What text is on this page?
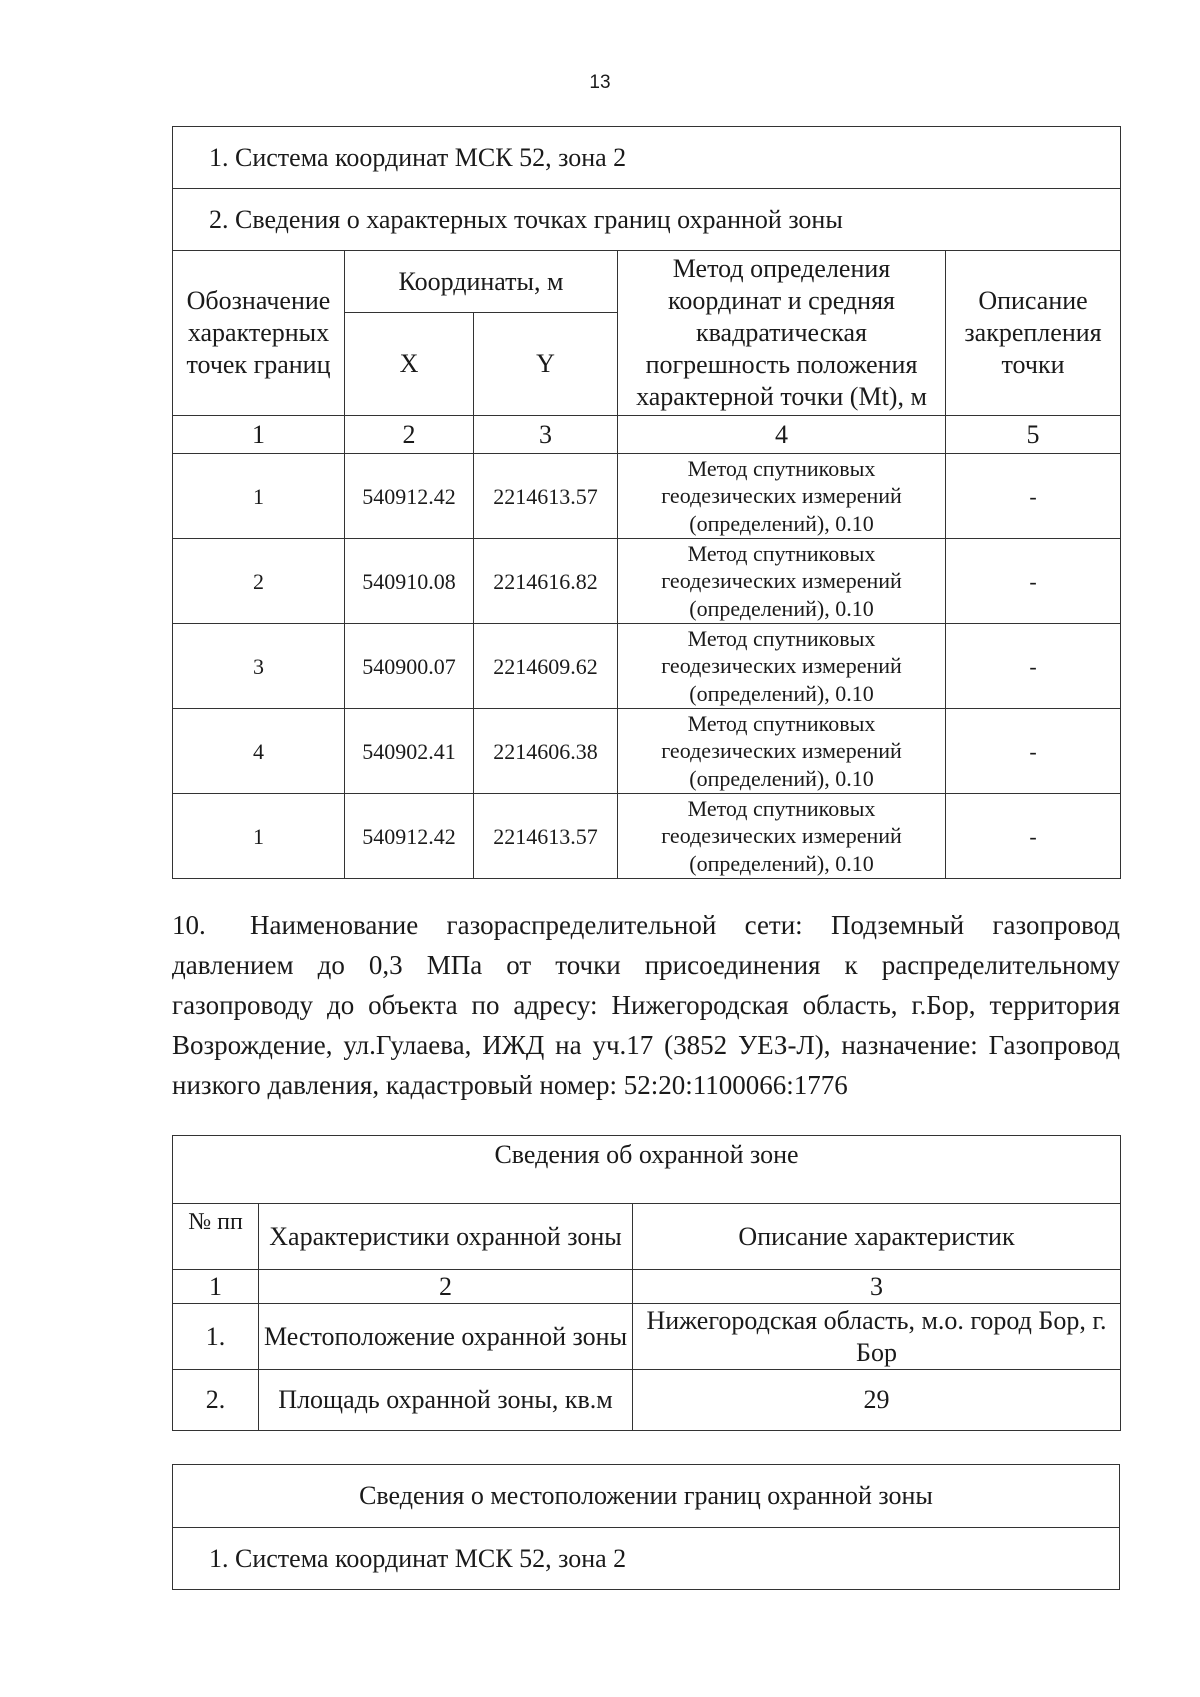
13
1. Система координат МСК 52, зона 2				
2. Сведения о характерных точках границ охранной зоны				
Обозначение характерных точек границ	Координаты, м		Метод определения координат и средняя квадратическая погрешность положения характерной точки (Mt), м	Описание закрепления точки
	X	Y		
1	2	3	4	5
1	540912.42	2214613.57	Метод спутниковых геодезических измерений (определений), 0.10	-
2	540910.08	2214616.82	Метод спутниковых геодезических измерений (определений), 0.10	-
3	540900.07	2214609.62	Метод спутниковых геодезических измерений (определений), 0.10	-
4	540902.41	2214606.38	Метод спутниковых геодезических измерений (определений), 0.10	-
1	540912.42	2214613.57	Метод спутниковых геодезических измерений (определений), 0.10	-
10. Наименование газораспределительной сети: Подземный газопровод давлением до 0,3 МПа от точки присоединения к распределительному газопроводу до объекта по адресу: Нижегородская область, г.Бор, территория Возрождение, ул.Гулаева, ИЖД на уч.17 (3852 УЕЗ-Л), назначение: Газопровод низкого давления, кадастровый номер: 52:20:1100066:1776
Сведения об охранной зоне		
№ пп	Характеристики охранной зоны	Описание характеристик
1	2	3
1.	Местоположение охранной зоны	Нижегородская область, м.о. город Бор, г. Бор
2.	Площадь охранной зоны, кв.м	29
Сведения о местоположении границ охранной зоны
1. Система координат МСК 52, зона 2
